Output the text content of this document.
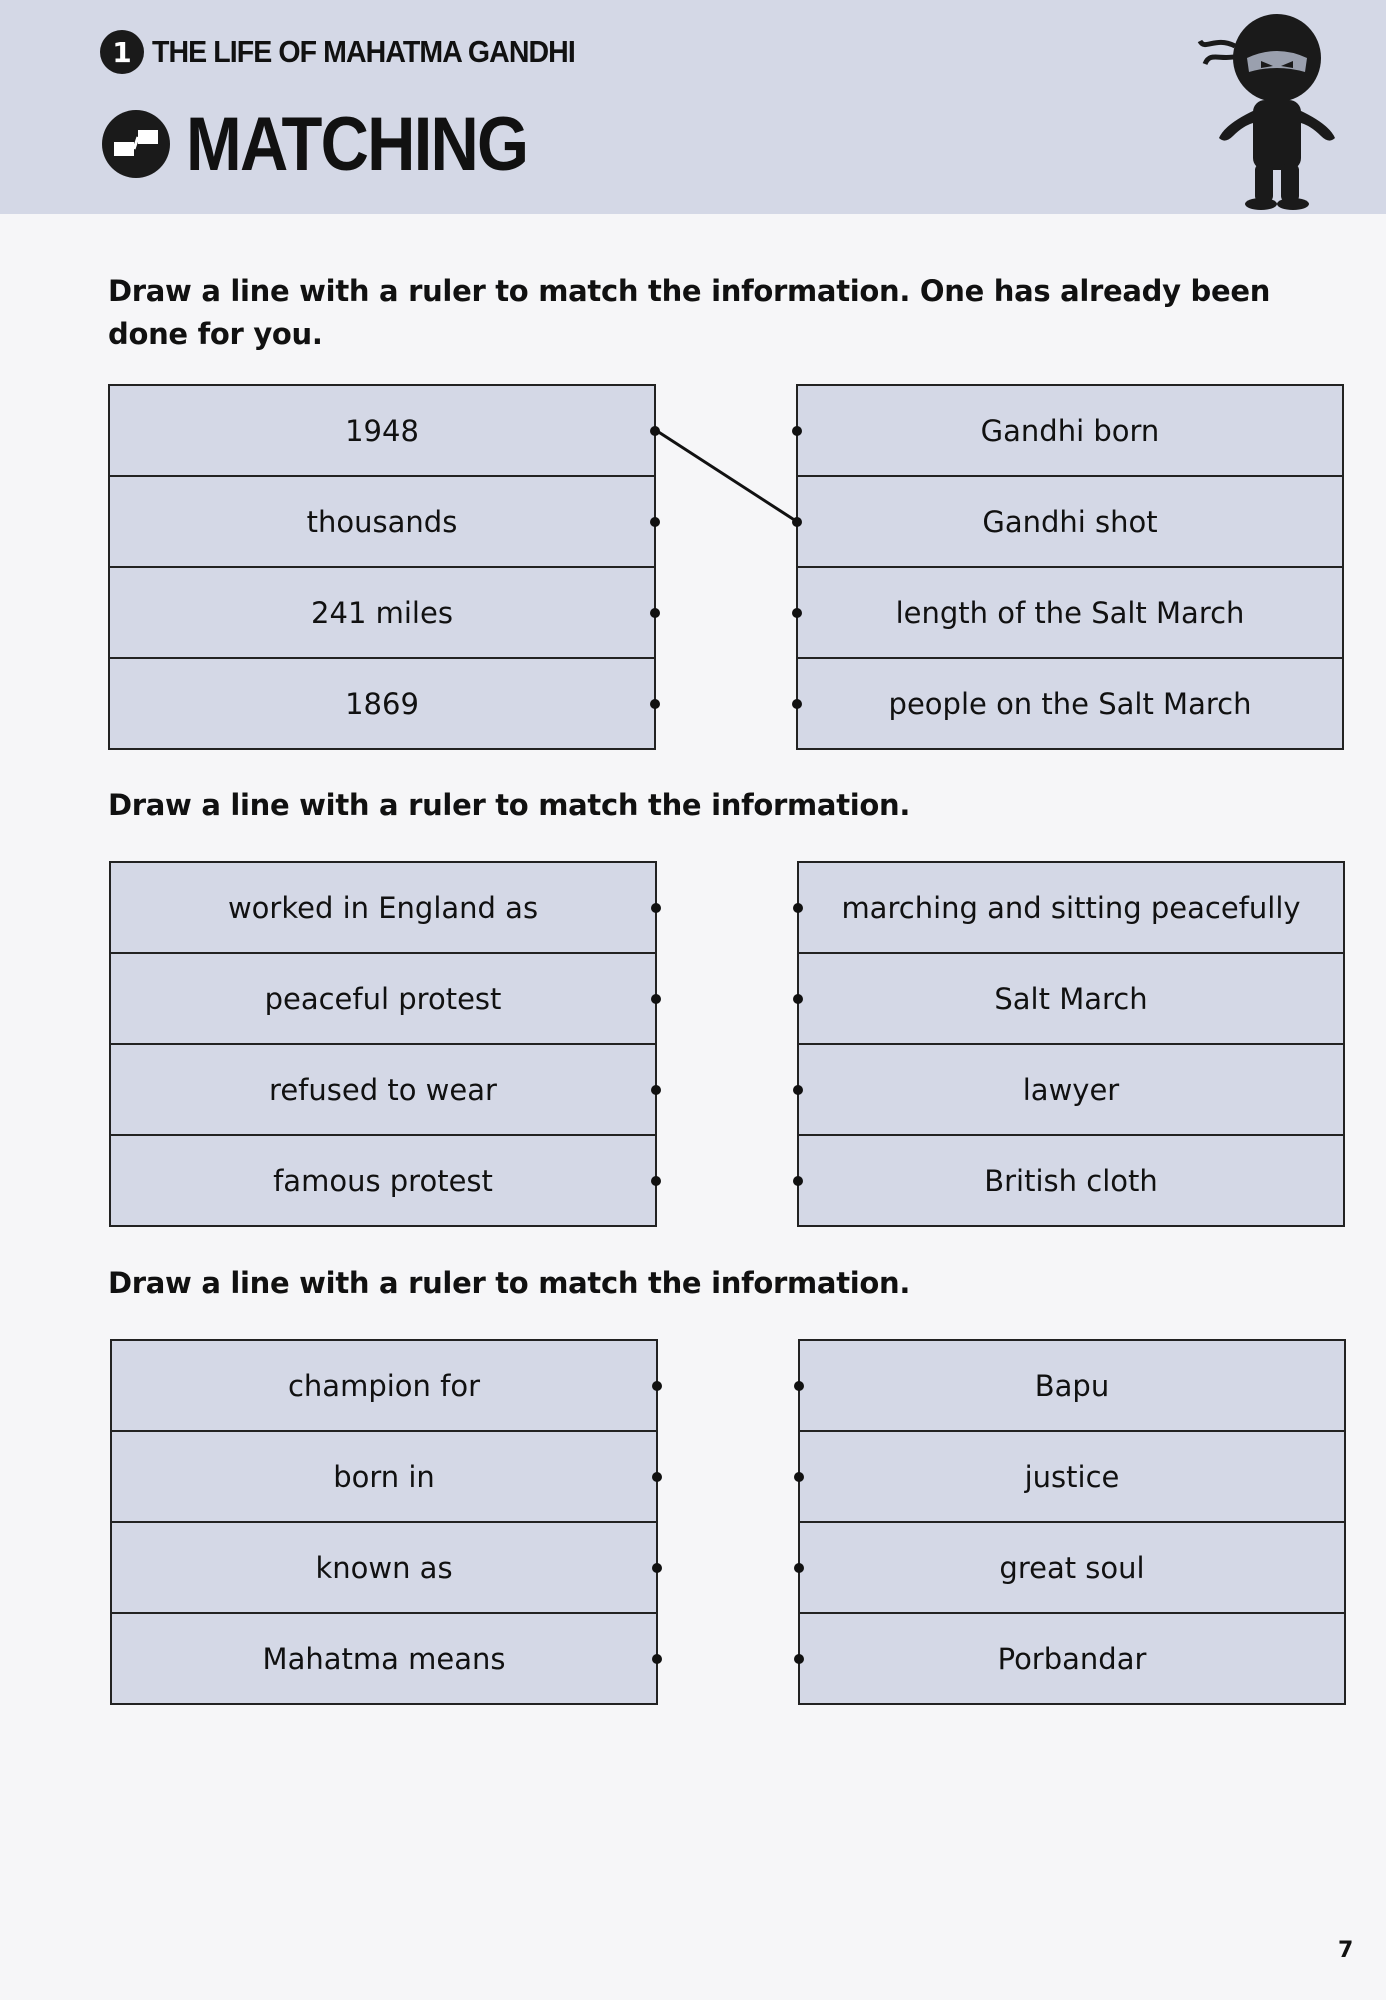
1 THE LIFE OF MAHATMA GANDHI
MATCHING
Draw a line with a ruler to match the information. One has already been done for you.
1948
thousands
241 miles
1869
Gandhi born
Gandhi shot
length of the Salt March
people on the Salt March
Draw a line with a ruler to match the information.
worked in England as
peaceful protest
refused to wear
famous protest
marching and sitting peacefully
Salt March
lawyer
British cloth
Draw a line with a ruler to match the information.
champion for
born in
known as
Mahatma means
Bapu
justice
great soul
Porbandar
7
